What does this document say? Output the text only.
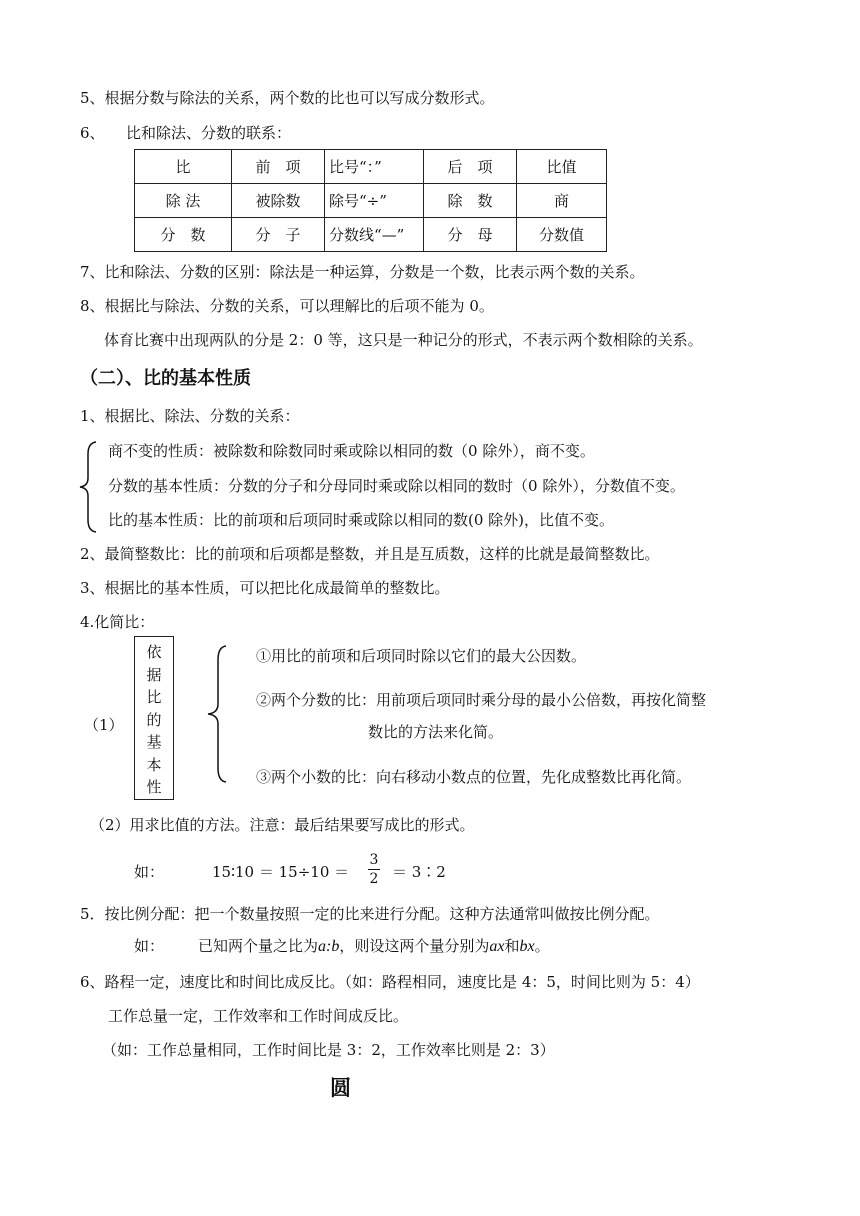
5、根据分数与除法的关系，两个数的比也可以写成分数形式。
6、 比和除法、分数的联系：
比	前　项	比号“：”	后　项	比值
除 法	被除数	除号“÷”	除　数	商
分　数	分　子	分数线“—”	分　母	分数值
7、比和除法、分数的区别：除法是一种运算，分数是一个数，比表示两个数的关系。
8、根据比与除法、分数的关系，可以理解比的后项不能为 0。
体育比赛中出现两队的分是 2：0 等，这只是一种记分的形式，不表示两个数相除的关系。
（二）、比的基本性质
1、根据比、除法、分数的关系：
商不变的性质：被除数和除数同时乘或除以相同的数（0 除外），商不变。
分数的基本性质：分数的分子和分母同时乘或除以相同的数时（0 除外），分数值不变。
比的基本性质：比的前项和后项同时乘或除以相同的数(0 除外)，比值不变。
2、最简整数比：比的前项和后项都是整数，并且是互质数，这样的比就是最简整数比。
3、根据比的基本性质，可以把比化成最简单的整数比。
4.化简比：
（1）
依
据
比
的
基
本
性
①用比的前项和后项同时除以它们的最大公因数。
②两个分数的比：用前项后项同时乘分母的最小公倍数，再按化简整
数比的方法来化简。
③两个小数的比：向右移动小数点的位置，先化成整数比再化简。
（2）用求比值的方法。注意：最后结果要写成比的形式。
如：	15∶10 ＝ 15÷10 ＝
3
2 ＝ 3∶2
5．按比例分配：把一个数量按照一定的比来进行分配。这种方法通常叫做按比例分配。
如： 已知两个量之比为a:b，则设这两个量分别为ax和bx。
6、路程一定，速度比和时间比成反比。（如：路程相同，速度比是 4：5，时间比则为 5：4）
工作总量一定，工作效率和工作时间成反比。
（如：工作总量相同，工作时间比是 3：2，工作效率比则是 2：3）
圆
